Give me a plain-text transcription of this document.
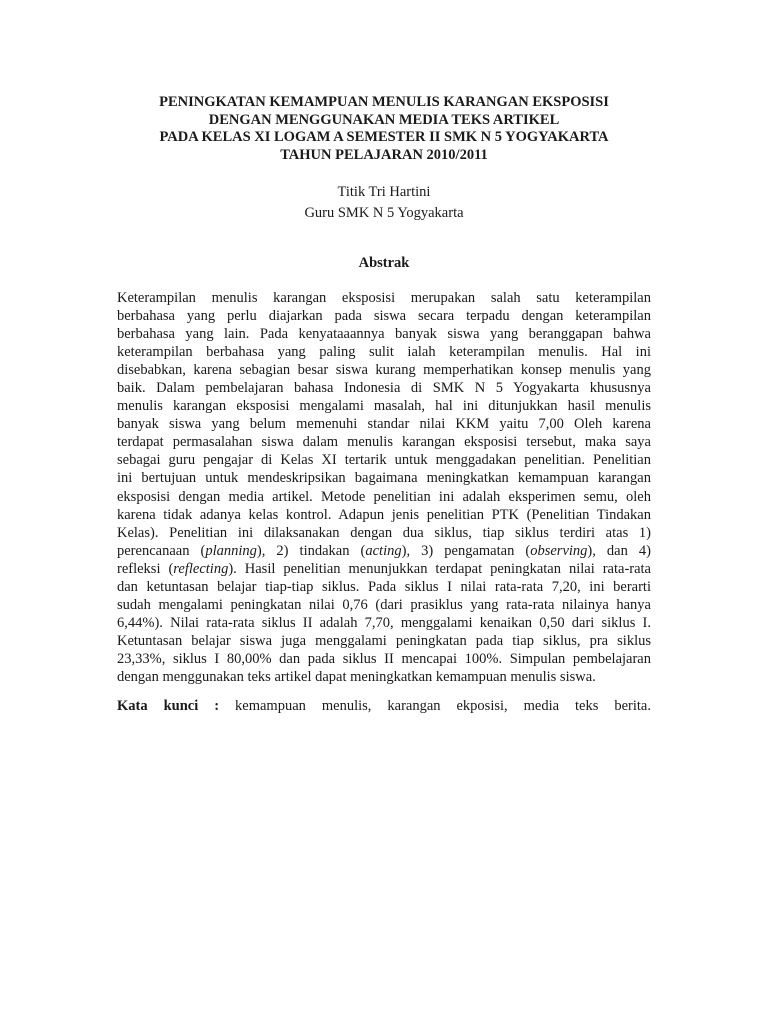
PENINGKATAN KEMAMPUAN MENULIS KARANGAN EKSPOSISI
DENGAN MENGGUNAKAN MEDIA TEKS ARTIKEL
PADA KELAS XI LOGAM A SEMESTER II SMK N 5 YOGYAKARTA
TAHUN PELAJARAN 2010/2011
Titik Tri Hartini
Guru SMK N 5 Yogyakarta
Abstrak
Keterampilan menulis karangan eksposisi merupakan salah satu keterampilan
berbahasa yang perlu diajarkan pada siswa secara terpadu dengan keterampilan
berbahasa yang lain. Pada kenyataaannya banyak siswa yang beranggapan bahwa
keterampilan berbahasa yang paling sulit ialah keterampilan menulis. Hal ini
disebabkan, karena sebagian besar siswa kurang memperhatikan konsep menulis yang
baik. Dalam pembelajaran bahasa Indonesia di SMK N 5 Yogyakarta khususnya
menulis karangan eksposisi mengalami masalah, hal ini ditunjukkan hasil menulis
banyak siswa yang belum memenuhi standar nilai KKM yaitu 7,00 Oleh karena
terdapat permasalahan siswa dalam menulis karangan eksposisi tersebut, maka saya
sebagai guru pengajar di Kelas XI tertarik untuk menggadakan penelitian. Penelitian
ini bertujuan untuk mendeskripsikan bagaimana meningkatkan kemampuan karangan
eksposisi dengan media artikel. Metode penelitian ini adalah eksperimen semu, oleh
karena tidak adanya kelas kontrol. Adapun jenis penelitian PTK (Penelitian Tindakan
Kelas). Penelitian ini dilaksanakan dengan dua siklus, tiap siklus terdiri atas 1)
perencanaan (planning), 2) tindakan (acting), 3) pengamatan (observing), dan 4)
refleksi (reflecting). Hasil penelitian menunjukkan terdapat peningkatan nilai rata-rata
dan ketuntasan belajar tiap-tiap siklus. Pada siklus I nilai rata-rata 7,20, ini berarti
sudah mengalami peningkatan nilai 0,76 (dari prasiklus yang rata-rata nilainya hanya
6,44%). Nilai rata-rata siklus II adalah 7,70, menggalami kenaikan 0,50 dari siklus I.
Ketuntasan belajar siswa juga menggalami peningkatan pada tiap siklus, pra siklus
23,33%, siklus I 80,00% dan pada siklus II mencapai 100%. Simpulan pembelajaran
dengan menggunakan teks artikel dapat meningkatkan kemampuan menulis siswa.
Kata kunci : kemampuan menulis, karangan ekposisi, media teks berita.
